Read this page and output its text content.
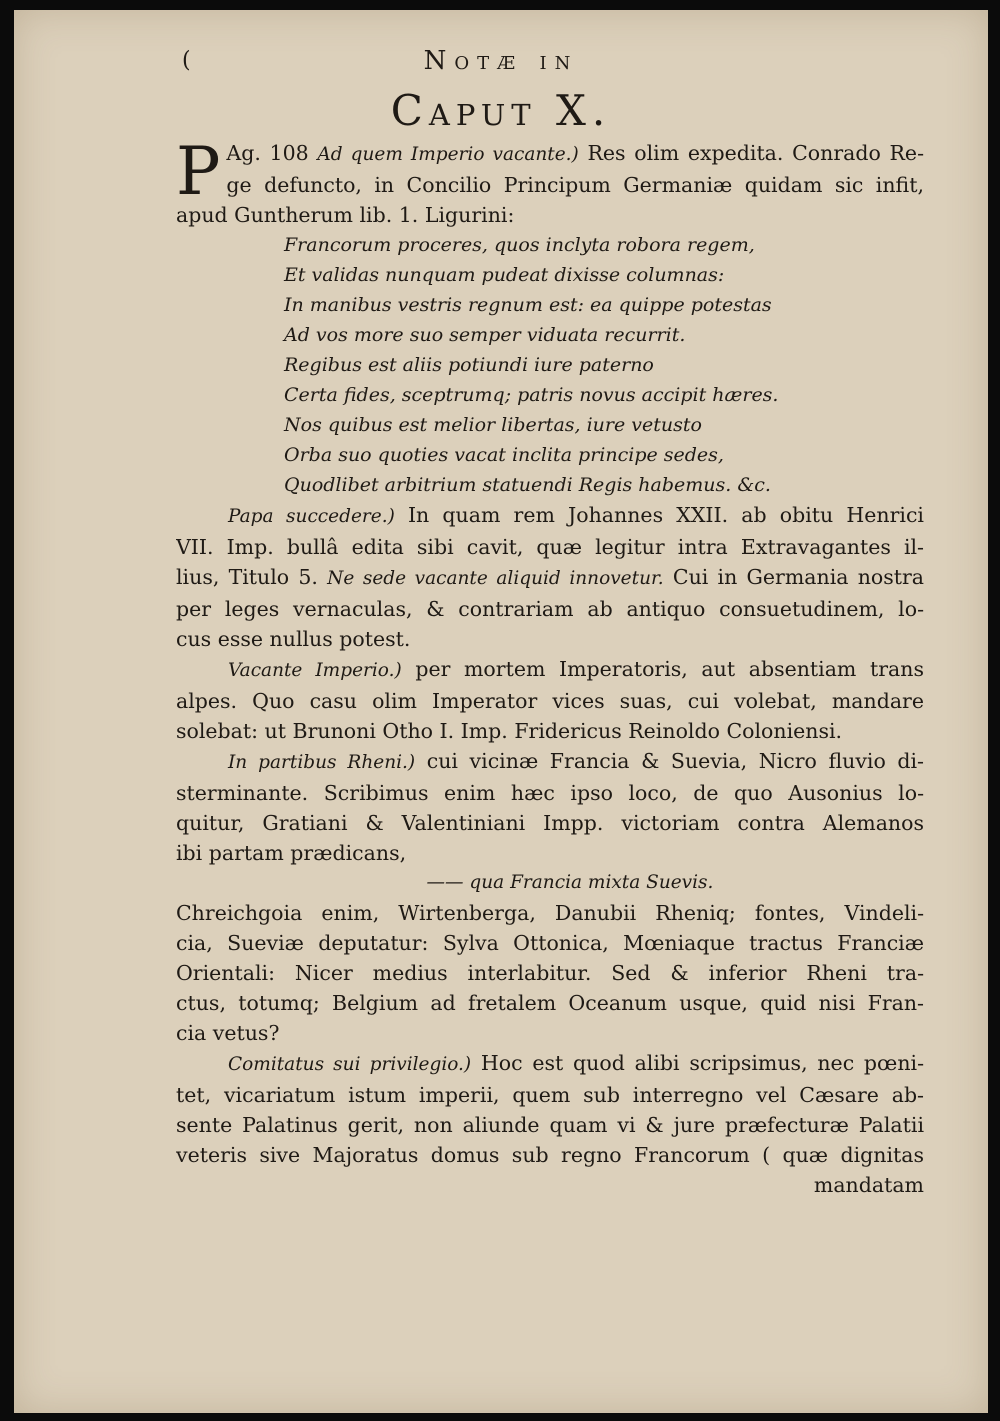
(	Notæ in
Caput X.
P Ag. 108 Ad quem Imperio vacante.) Res olim expedita. Conrado Re-
ge defuncto, in Concilio Principum Germaniæ quidam sic infit,
apud Guntherum lib. 1. Ligurini:
Francorum proceres, quos inclyta robora regem,
Et validas nunquam pudeat dixisse columnas:
In manibus vestris regnum est: ea quippe potestas
Ad vos more suo semper viduata recurrit.
Regibus est aliis potiundi iure paterno
Certa fides, sceptrumq; patris novus accipit hæres.
Nos quibus est melior libertas, iure vetusto
Orba suo quoties vacat inclita principe sedes,
Quodlibet arbitrium statuendi Regis habemus. &c.
Papa succedere.) In quam rem Johannes XXII. ab obitu Henrici
VII. Imp. bullâ edita sibi cavit, quæ legitur intra Extravagantes il-
lius, Titulo 5. Ne sede vacante aliquid innovetur. Cui in Germania nostra
per leges vernaculas, & contrariam ab antiquo consuetudinem, lo-
cus esse nullus potest.
Vacante Imperio.) per mortem Imperatoris, aut absentiam trans
alpes. Quo casu olim Imperator vices suas, cui volebat, mandare
solebat: ut Brunoni Otho I. Imp. Fridericus Reinoldo Coloniensi.
In partibus Rheni.) cui vicinæ Francia & Suevia, Nicro fluvio di-
sterminante. Scribimus enim hæc ipso loco, de quo Ausonius lo-
quitur, Gratiani & Valentiniani Impp. victoriam contra Alemanos
ibi partam prædicans,
—— qua Francia mixta Suevis.
Chreichgoia enim, Wirtenberga, Danubii Rheniq; fontes, Vindeli-
cia, Sueviæ deputatur: Sylva Ottonica, Mœniaque tractus Franciæ
Orientali: Nicer medius interlabitur. Sed & inferior Rheni tra-
ctus, totumq; Belgium ad fretalem Oceanum usque, quid nisi Fran-
cia vetus?
Comitatus sui privilegio.) Hoc est quod alibi scripsimus, nec pœni-
tet, vicariatum istum imperii, quem sub interregno vel Cæsare ab-
sente Palatinus gerit, non aliunde quam vi & jure præfecturæ Palatii
veteris sive Majoratus domus sub regno Francorum ( quæ dignitas
mandatam
